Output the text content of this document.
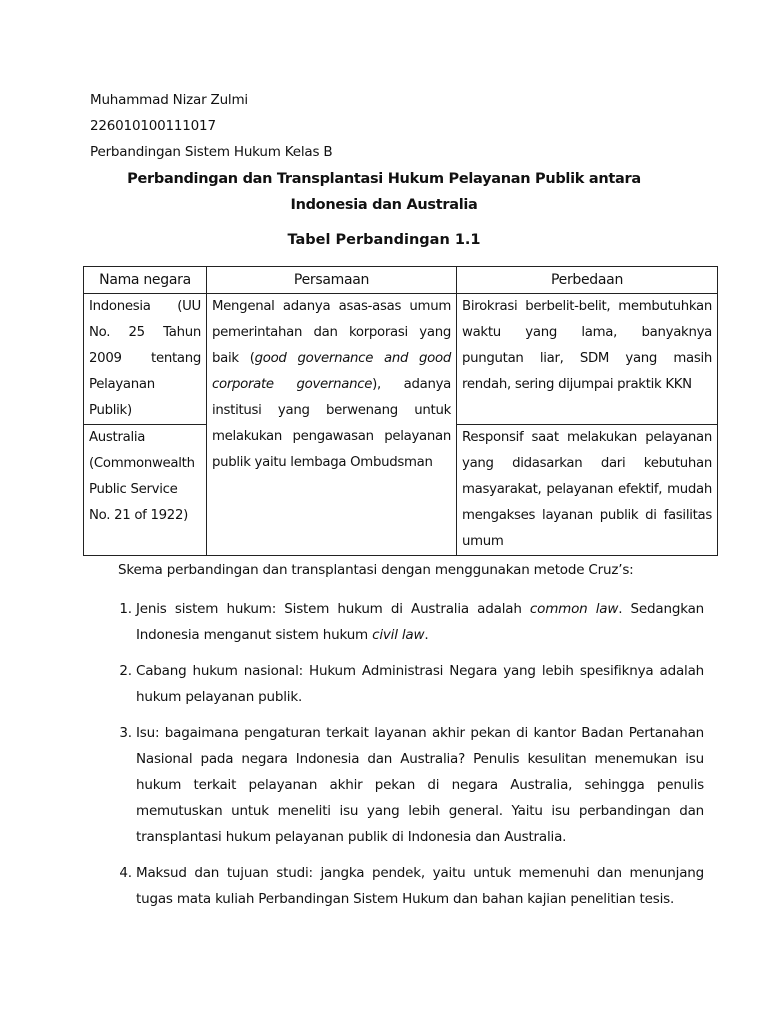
Muhammad Nizar Zulmi
226010100111017
Perbandingan Sistem Hukum Kelas B
Perbandingan dan Transplantasi Hukum Pelayanan Publik antara Indonesia dan Australia
Tabel Perbandingan 1.1
Nama negara	Persamaan	Perbedaan
Indonesia (UU No. 25 Tahun 2009 tentang Pelayanan Publik)	Mengenal adanya asas-asas umum pemerintahan dan korporasi yang baik (good governance and good corporate governance), adanya institusi yang berwenang untuk melakukan pengawasan pelayanan publik yaitu lembaga Ombudsman	Birokrasi berbelit-belit, membutuhkan waktu yang lama, banyaknya pungutan liar, SDM yang masih rendah, sering dijumpai praktik KKN
Australia (Commonwealth Public Service No. 21 of 1922)		Responsif saat melakukan pelayanan yang didasarkan dari kebutuhan masyarakat, pelayanan efektif, mudah mengakses layanan publik di fasilitas umum
Skema perbandingan dan transplantasi dengan menggunakan metode Cruz’s:
1. Jenis sistem hukum: Sistem hukum di Australia adalah common law. Sedangkan Indonesia menganut sistem hukum civil law.
2. Cabang hukum nasional: Hukum Administrasi Negara yang lebih spesifiknya adalah hukum pelayanan publik.
3. Isu: bagaimana pengaturan terkait layanan akhir pekan di kantor Badan Pertanahan Nasional pada negara Indonesia dan Australia? Penulis kesulitan menemukan isu hukum terkait pelayanan akhir pekan di negara Australia, sehingga penulis memutuskan untuk meneliti isu yang lebih general. Yaitu isu perbandingan dan transplantasi hukum pelayanan publik di Indonesia dan Australia.
4. Maksud dan tujuan studi: jangka pendek, yaitu untuk memenuhi dan menunjang tugas mata kuliah Perbandingan Sistem Hukum dan bahan kajian penelitian tesis.
